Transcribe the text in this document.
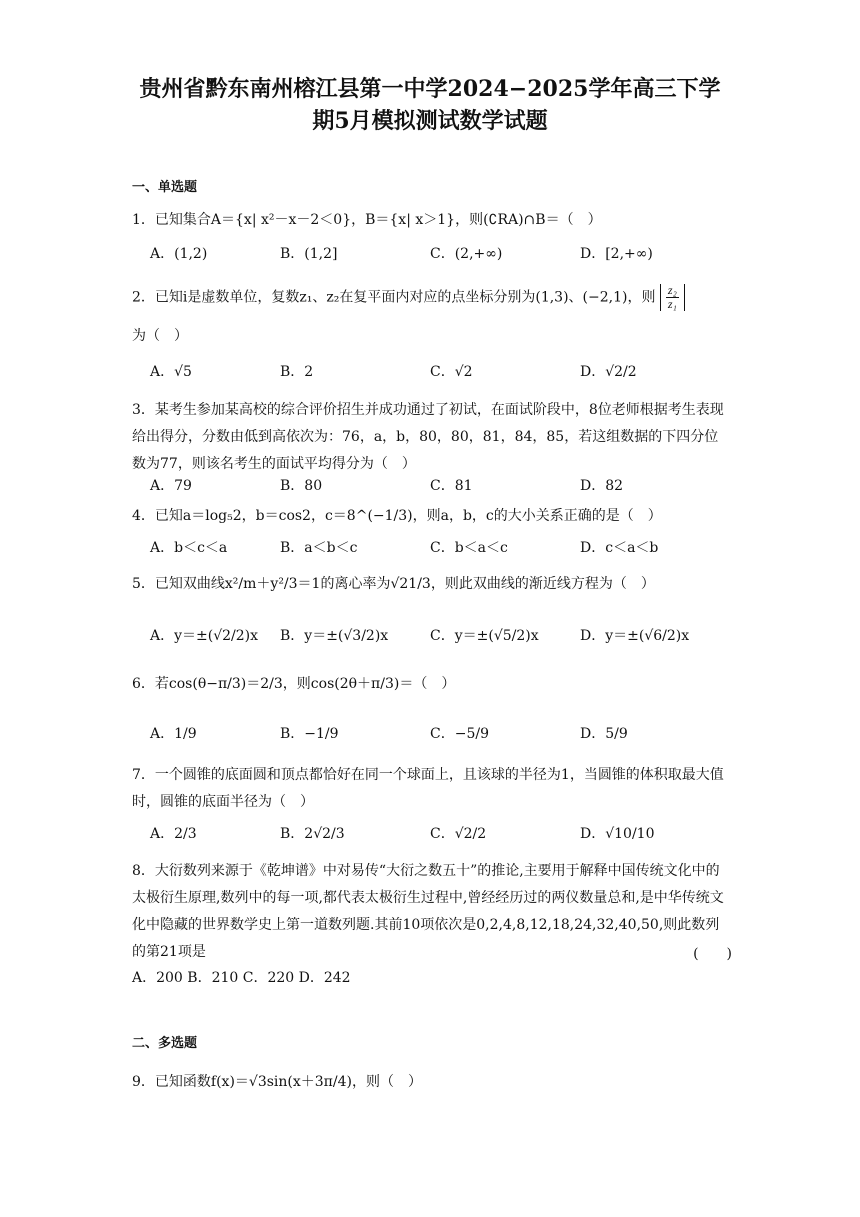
贵州省黔东南州榕江县第一中学2024−2025学年高三下学
期5月模拟测试数学试题
一、单选题
1．已知集合A＝{x| x²－x－2＜0}，B＝{x| x＞1}，则(∁RA)∩B＝（　）
A．(1,2)	B．(1,2]	C．(2,+∞)	D．[2,+∞)
2．已知i是虚数单位，复数z₁、z₂在复平面内对应的点坐标分别为(1,3)、(−2,1)，则 $\frac{\text{z₂}}{\text{z₁}}$
为（　）
A．√5	B．2	C．√2	D．√2/2
3．某考生参加某高校的综合评价招生并成功通过了初试，在面试阶段中，8位老师根据考生表现给出得分，分数由低到高依次为：76，a，b，80，80，81，84，85，若这组数据的下四分位数为77，则该名考生的面试平均得分为（　）
A．79	B．80	C．81	D．82
4．已知a＝log₅2，b＝cos2，c＝8^(−1/3)，则a，b，c的大小关系正确的是（　）
A．b＜c＜a	B．a＜b＜c	C．b＜a＜c	D．c＜a＜b
5．已知双曲线x²/m＋y²/3＝1的离心率为√21/3，则此双曲线的渐近线方程为（　）
A．y＝±(√2/2)x B．y＝±(√3/2)x	C．y＝±(√5/2)x	D．y＝±(√6/2)x
6．若cos(θ−π/3)＝2/3，则cos(2θ＋π/3)＝（　）
A．1/9	B．−1/9	C．−5/9	D．5/9
7．一个圆锥的底面圆和顶点都恰好在同一个球面上，且该球的半径为1，当圆锥的体积取最大值时，圆锥的底面半径为（　）
A．2/3	B．2√2/3	C．√2/2	D．√10/10
8．大衍数列来源于《乾坤谱》中对易传“大衍之数五十”的推论,主要用于解释中国传统文化中的太极衍生原理,数列中的每一项,都代表太极衍生过程中,曾经经历过的两仪数量总和,是中华传统文化中隐藏的世界数学史上第一道数列题.其前10项依次是0,2,4,8,12,18,24,32,40,50,则此数列的第21项是	(　　)
A．200 B．210 C．220 D．242
二、多选题
9．已知函数f(x)＝√3sin(x＋3π/4)，则（　）
